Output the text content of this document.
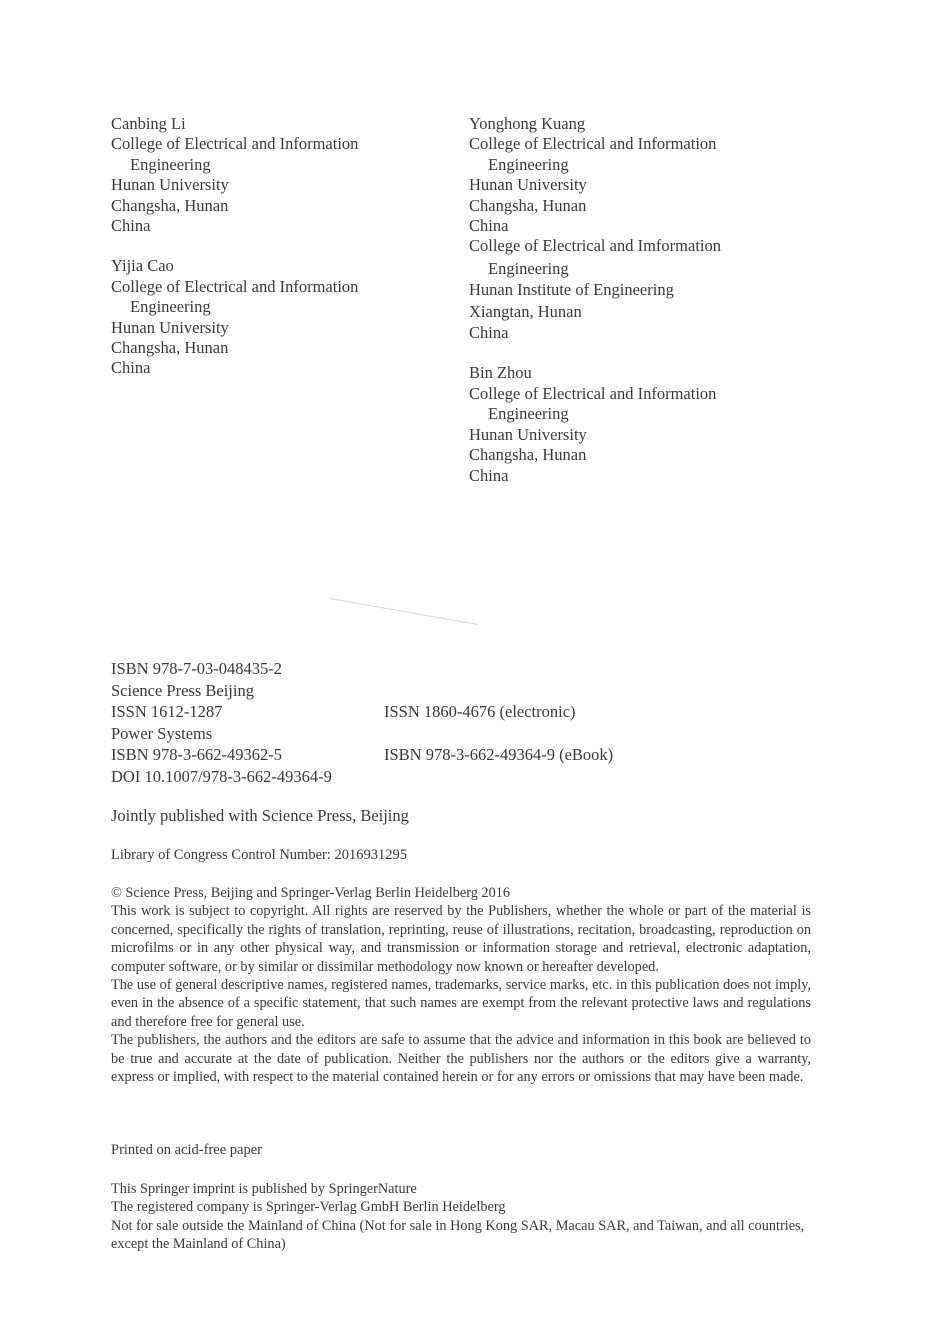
Canbing Li
College of Electrical and Information
Engineering
Hunan University
Changsha, Hunan
China
Yijia Cao
College of Electrical and Information
Engineering
Hunan University
Changsha, Hunan
China
Yonghong Kuang
College of Electrical and Information
Engineering
Hunan University
Changsha, Hunan
China
College of Electrical and Imformation
Engineering
Hunan Institute of Engineering
Xiangtan, Hunan
China
Bin Zhou
College of Electrical and Information
Engineering
Hunan University
Changsha, Hunan
China
ISBN 978-7-03-048435-2
Science Press Beijing
ISSN 1612-1287	ISSN 1860-4676 (electronic)
Power Systems
ISBN 978-3-662-49362-5	ISBN 978-3-662-49364-9 (eBook)
DOI 10.1007/978-3-662-49364-9
Jointly published with Science Press, Beijing
Library of Congress Control Number: 2016931295

© Science Press, Beijing and Springer-Verlag Berlin Heidelberg 2016

This work is subject to copyright. All rights are reserved by the Publishers, whether the whole or part of the material is concerned, specifically the rights of translation, reprinting, reuse of illustrations, recitation, broadcasting, reproduction on microfilms or in any other physical way, and transmission or information storage and retrieval, electronic adaptation, computer software, or by similar or dissimilar methodology now known or hereafter developed.

The use of general descriptive names, registered names, trademarks, service marks, etc. in this publication does not imply, even in the absence of a specific statement, that such names are exempt from the relevant protective laws and regulations and therefore free for general use.

The publishers, the authors and the editors are safe to assume that the advice and information in this book are believed to be true and accurate at the date of publication. Neither the publishers nor the authors or the editors give a warranty, express or implied, with respect to the material contained herein or for any errors or omissions that may have been made.

Printed on acid-free paper

This Springer imprint is published by SpringerNature

The registered company is Springer-Verlag GmbH Berlin Heidelberg

Not for sale outside the Mainland of China (Not for sale in Hong Kong SAR, Macau SAR, and Taiwan, and all countries, except the Mainland of China)
